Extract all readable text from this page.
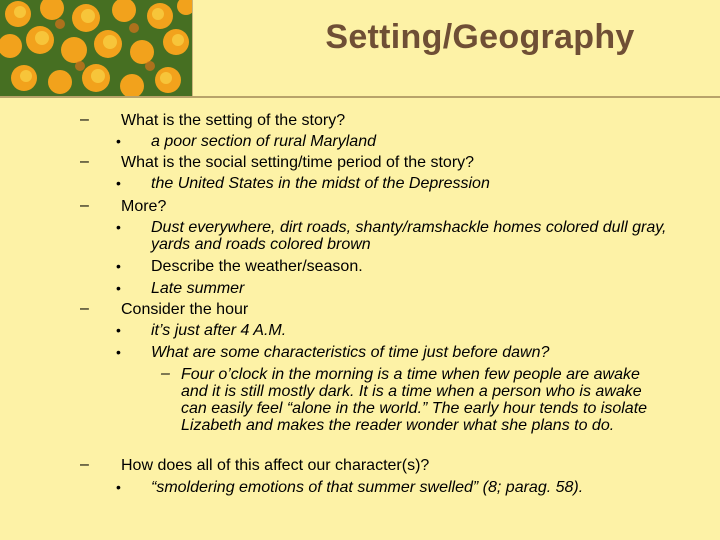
Setting/Geography
– What is the setting of the story?
• a poor section of rural Maryland
– What is the social setting/time period of the story?
• the United States in the midst of the Depression
– More?
• Dust everywhere, dirt roads, shanty/ramshackle homes colored dull gray, yards and roads colored brown
• Describe the weather/season.
• Late summer
– Consider the hour
• it’s just after 4 A.M.
• What are some characteristics of time just before dawn?
– Four o’clock in the morning is a time when few people are awake and it is still mostly dark. It is a time when a person who is awake can easily feel “alone in the world.” The early hour tends to isolate Lizabeth and makes the reader wonder what she plans to do.
– How does all of this affect our character(s)?
• “smoldering emotions of that summer swelled” (8; parag. 58).
